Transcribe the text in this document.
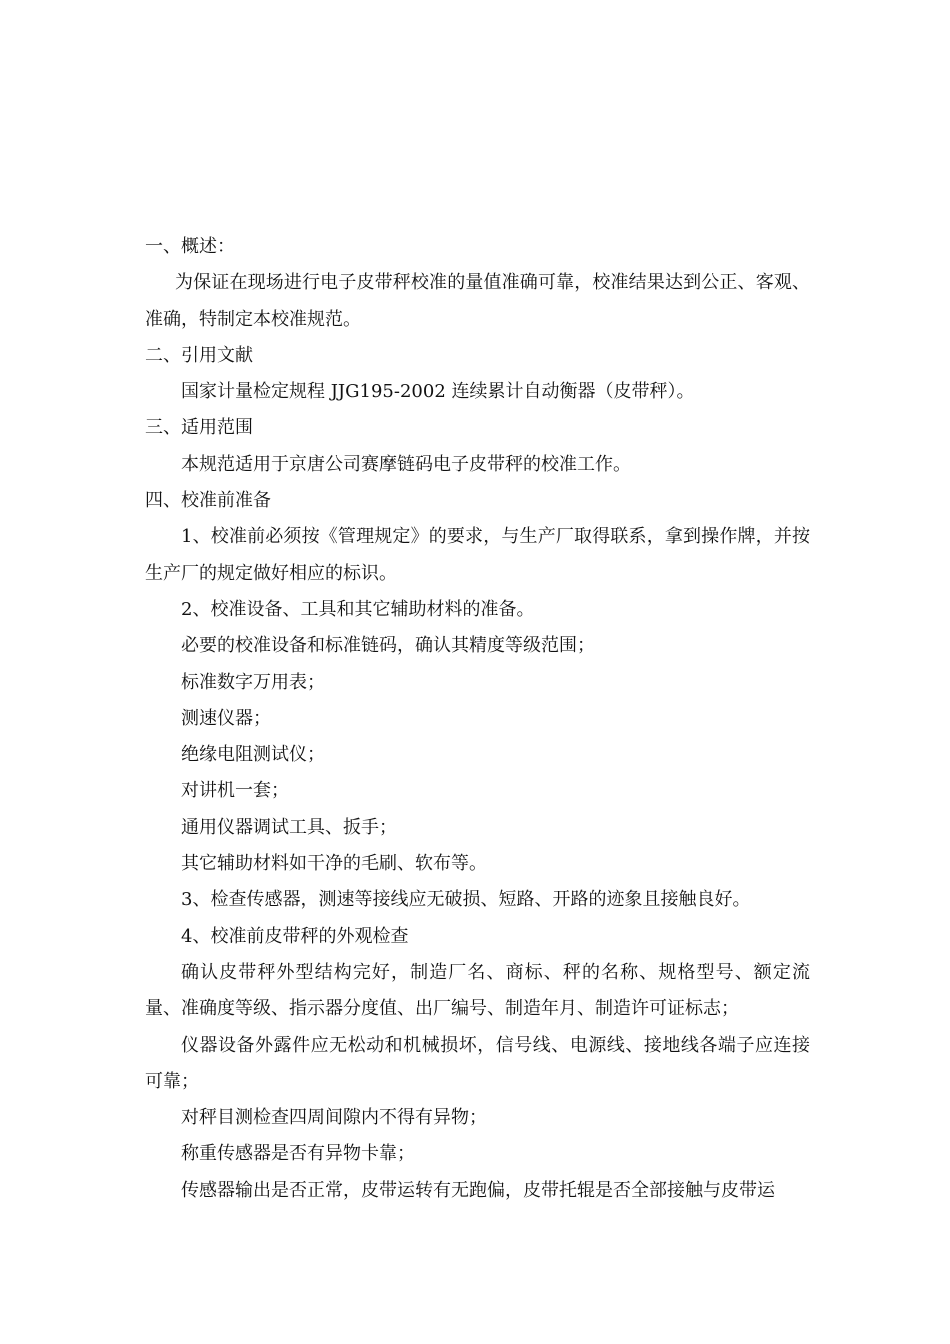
一、概述：

为保证在现场进行电子皮带秤校准的量值准确可靠，校准结果达到公正、客观、准确，特制定本校准规范。

二、引用文献

国家计量检定规程 JJG195-2002 连续累计自动衡器（皮带秤）。

三、适用范围

本规范适用于京唐公司赛摩链码电子皮带秤的校准工作。

四、校准前准备

1、校准前必须按《管理规定》的要求，与生产厂取得联系，拿到操作牌，并按生产厂的规定做好相应的标识。

2、校准设备、工具和其它辅助材料的准备。

必要的校准设备和标准链码，确认其精度等级范围；

标准数字万用表；

测速仪器；

绝缘电阻测试仪；

对讲机一套；

通用仪器调试工具、扳手；

其它辅助材料如干净的毛刷、软布等。

3、检查传感器，测速等接线应无破损、短路、开路的迹象且接触良好。

4、校准前皮带秤的外观检查

确认皮带秤外型结构完好，制造厂名、商标、秤的名称、规格型号、额定流量、准确度等级、指示器分度值、出厂编号、制造年月、制造许可证标志；

仪器设备外露件应无松动和机械损坏，信号线、电源线、接地线各端子应连接可靠；

对秤目测检查四周间隙内不得有异物；

称重传感器是否有异物卡靠；

传感器输出是否正常，皮带运转有无跑偏，皮带托辊是否全部接触与皮带运
